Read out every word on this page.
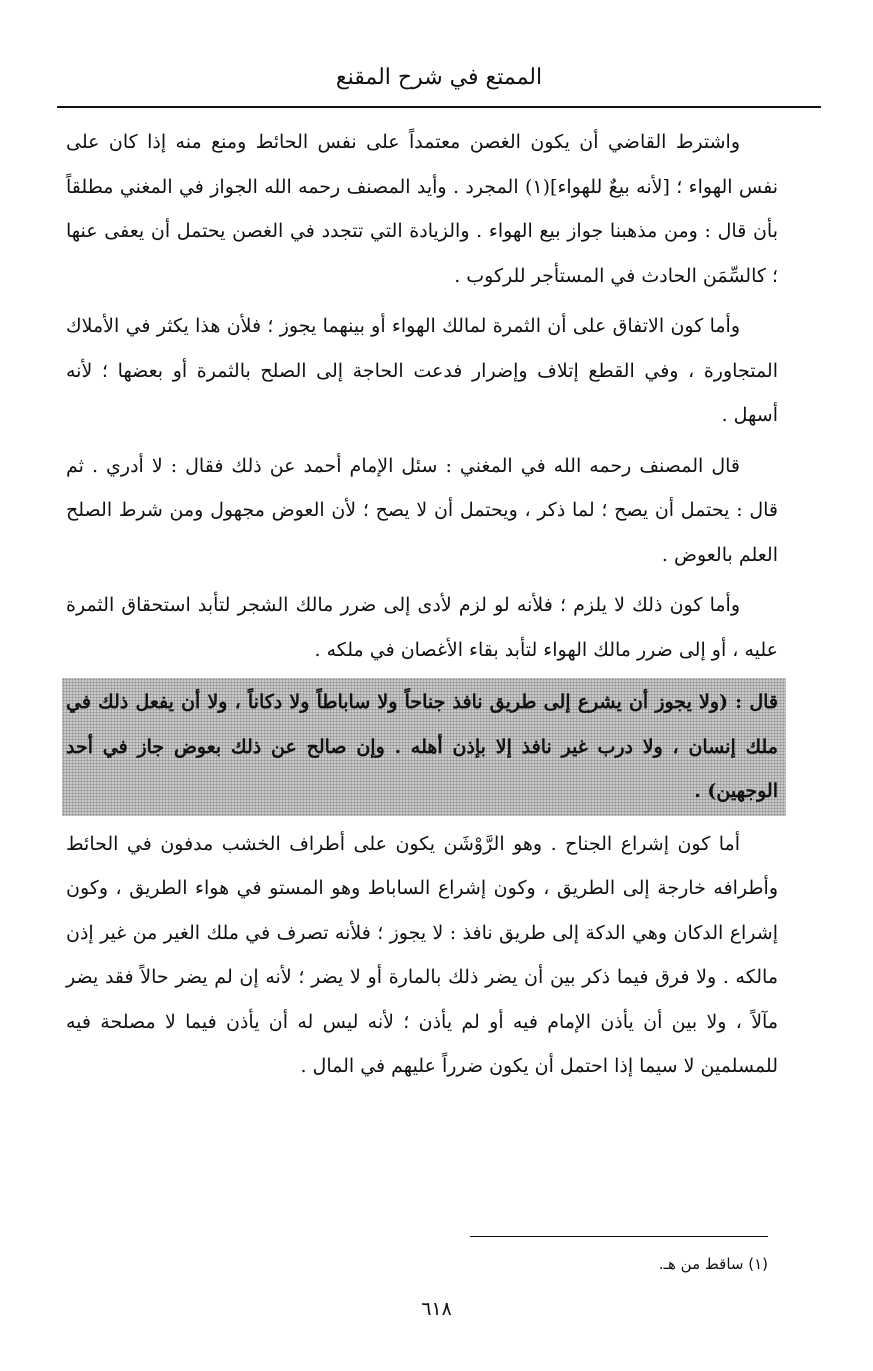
الممتع في شرح المقنع

واشترط القاضي أن يكون الغصن معتمداً على نفس الحائط ومنع منه إذا كان على نفس الهواء ؛ [لأنه بيعٌ للهواء](١) المجرد . وأيد المصنف رحمه الله الجواز في المغني مطلقاً بأن قال : ومن مذهبنا جواز بيع الهواء . والزيادة التي تتجدد في الغصن يحتمل أن يعفى عنها ؛ كالسِّمَن الحادث في المستأجر للركوب .

وأما كون الاتفاق على أن الثمرة لمالك الهواء أو بينهما يجوز ؛ فلأن هذا يكثر في الأملاك المتجاورة ، وفي القطع إتلاف وإضرار فدعت الحاجة إلى الصلح بالثمرة أو بعضها ؛ لأنه أسهل .

قال المصنف رحمه الله في المغني : سئل الإمام أحمد عن ذلك فقال : لا أدري . ثم قال : يحتمل أن يصح ؛ لما ذكر ، ويحتمل أن لا يصح ؛ لأن العوض مجهول ومن شرط الصلح العلم بالعوض .

وأما كون ذلك لا يلزم ؛ فلأنه لو لزم لأدى إلى ضرر مالك الشجر لتأبد استحقاق الثمرة عليه ، أو إلى ضرر مالك الهواء لتأبد بقاء الأغصان في ملكه .

قال : (ولا يجوز أن يشرع إلى طريق نافذ جناحاً ولا ساباطاً ولا دكاناً ، ولا أن يفعل ذلك في ملك إنسان ، ولا درب غير نافذ إلا بإذن أهله . وإن صالح عن ذلك بعوض جاز في أحد الوجهين) .

أما كون إشراع الجناح . وهو الرَّوْشَن يكون على أطراف الخشب مدفون في الحائط وأطرافه خارجة إلى الطريق ، وكون إشراع الساباط وهو المستو في هواء الطريق ، وكون إشراع الدكان وهي الدكة إلى طريق نافذ : لا يجوز ؛ فلأنه تصرف في ملك الغير من غير إذن مالكه . ولا فرق فيما ذكر بين أن يضر ذلك بالمارة أو لا يضر ؛ لأنه إن لم يضر حالاً فقد يضر مآلاً ، ولا بين أن يأذن الإمام فيه أو لم يأذن ؛ لأنه ليس له أن يأذن فيما لا مصلحة فيه للمسلمين لا سيما إذا احتمل أن يكون ضرراً عليهم في المال .

(١) ساقط من هـ.
٦١٨
